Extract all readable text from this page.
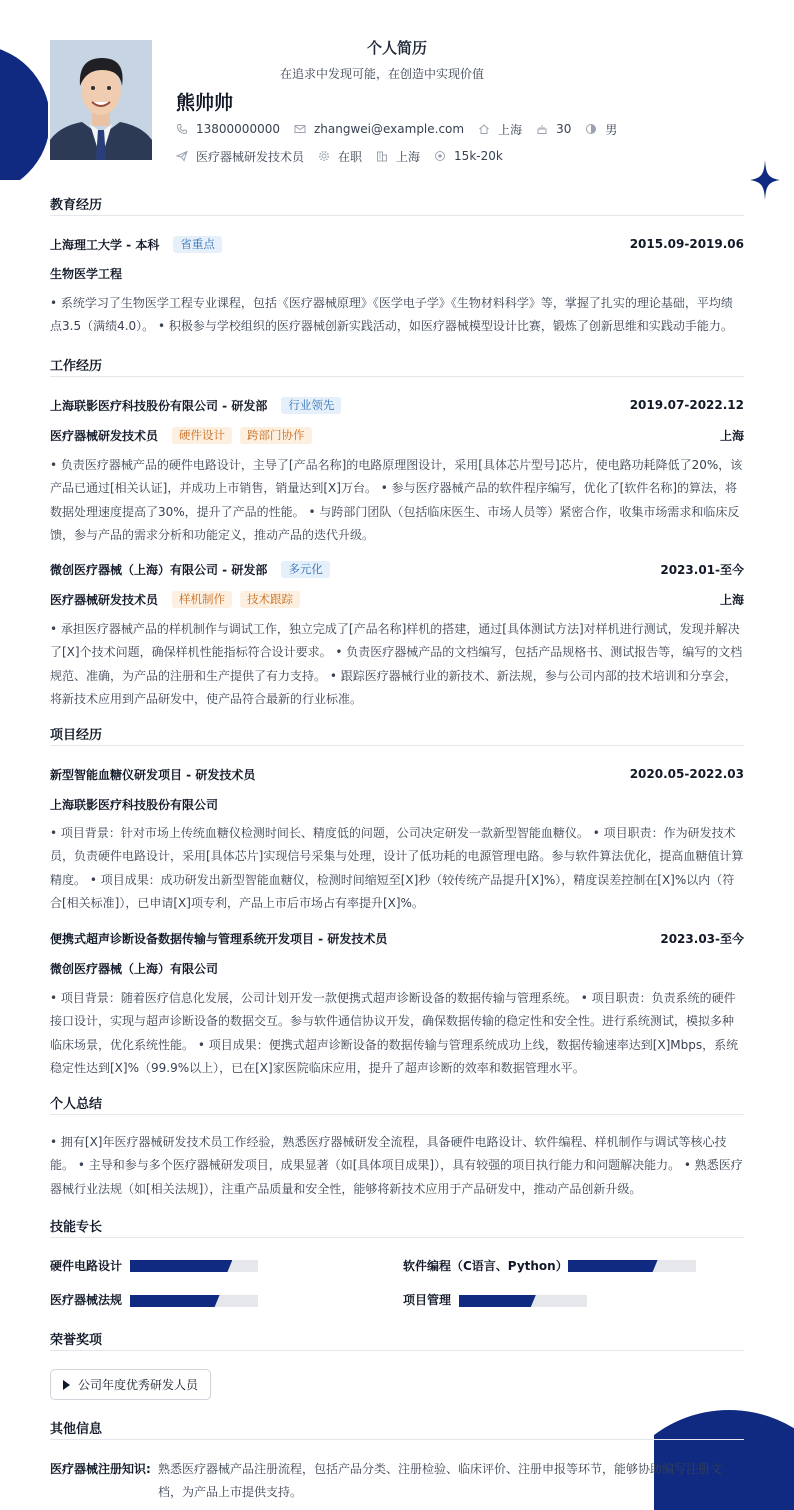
个人简历
在追求中发现可能，在创造中实现价值
熊帅帅
13800000000	zhangwei@example.com	上海	30	男
医疗器械研发技术员	在职	上海	15k-20k
教育经历
上海理工大学 - 本科	省重点	2015.09-2019.06
生物医学工程
• 系统学习了生物医学工程专业课程，包括《医疗器械原理》《医学电子学》《生物材料科学》等，掌握了扎实的理论基础，平均绩点3.5（满绩4.0）。 • 积极参与学校组织的医疗器械创新实践活动，如医疗器械模型设计比赛，锻炼了创新思维和实践动手能力。
工作经历
上海联影医疗科技股份有限公司 - 研发部	行业领先	2019.07-2022.12
医疗器械研发技术员	硬件设计	跨部门协作	上海
• 负责医疗器械产品的硬件电路设计，主导了[产品名称]的电路原理图设计，采用[具体芯片型号]芯片，使电路功耗降低了20%，该产品已通过[相关认证]，并成功上市销售，销量达到[X]万台。 • 参与医疗器械产品的软件程序编写，优化了[软件名称]的算法，将数据处理速度提高了30%，提升了产品的性能。 • 与跨部门团队（包括临床医生、市场人员等）紧密合作，收集市场需求和临床反馈，参与产品的需求分析和功能定义，推动产品的迭代升级。
微创医疗器械（上海）有限公司 - 研发部	多元化	2023.01-至今
医疗器械研发技术员	样机制作	技术跟踪	上海
• 承担医疗器械产品的样机制作与调试工作，独立完成了[产品名称]样机的搭建，通过[具体测试方法]对样机进行测试，发现并解决了[X]个技术问题，确保样机性能指标符合设计要求。 • 负责医疗器械产品的文档编写，包括产品规格书、测试报告等，编写的文档规范、准确，为产品的注册和生产提供了有力支持。 • 跟踪医疗器械行业的新技术、新法规，参与公司内部的技术培训和分享会，将新技术应用到产品研发中，使产品符合最新的行业标准。
项目经历
新型智能血糖仪研发项目 - 研发技术员	2020.05-2022.03
上海联影医疗科技股份有限公司
• 项目背景：针对市场上传统血糖仪检测时间长、精度低的问题，公司决定研发一款新型智能血糖仪。 • 项目职责：作为研发技术员，负责硬件电路设计，采用[具体芯片]实现信号采集与处理，设计了低功耗的电源管理电路。参与软件算法优化，提高血糖值计算精度。 • 项目成果：成功研发出新型智能血糖仪，检测时间缩短至[X]秒（较传统产品提升[X]%），精度误差控制在[X]%以内（符合[相关标准]），已申请[X]项专利，产品上市后市场占有率提升[X]%。
便携式超声诊断设备数据传输与管理系统开发项目 - 研发技术员	2023.03-至今
微创医疗器械（上海）有限公司
• 项目背景：随着医疗信息化发展，公司计划开发一款便携式超声诊断设备的数据传输与管理系统。 • 项目职责：负责系统的硬件接口设计，实现与超声诊断设备的数据交互。参与软件通信协议开发，确保数据传输的稳定性和安全性。进行系统测试，模拟多种临床场景，优化系统性能。 • 项目成果：便携式超声诊断设备的数据传输与管理系统成功上线，数据传输速率达到[X]Mbps，系统稳定性达到[X]%（99.9%以上），已在[X]家医院临床应用，提升了超声诊断的效率和数据管理水平。
个人总结
• 拥有[X]年医疗器械研发技术员工作经验，熟悉医疗器械研发全流程，具备硬件电路设计、软件编程、样机制作与调试等核心技能。 • 主导和参与多个医疗器械研发项目，成果显著（如[具体项目成果]），具有较强的项目执行能力和问题解决能力。 • 熟悉医疗器械行业法规（如[相关法规]），注重产品质量和安全性，能够将新技术应用于产品研发中，推动产品创新升级。
技能专长
硬件电路设计	软件编程（C语言、Python）
医疗器械法规	项目管理
荣誉奖项
公司年度优秀研发人员
其他信息
医疗器械注册知识: 熟悉医疗器械产品注册流程，包括产品分类、注册检验、临床评价、注册申报等环节，能够协助编写注册文档，为产品上市提供支持。
